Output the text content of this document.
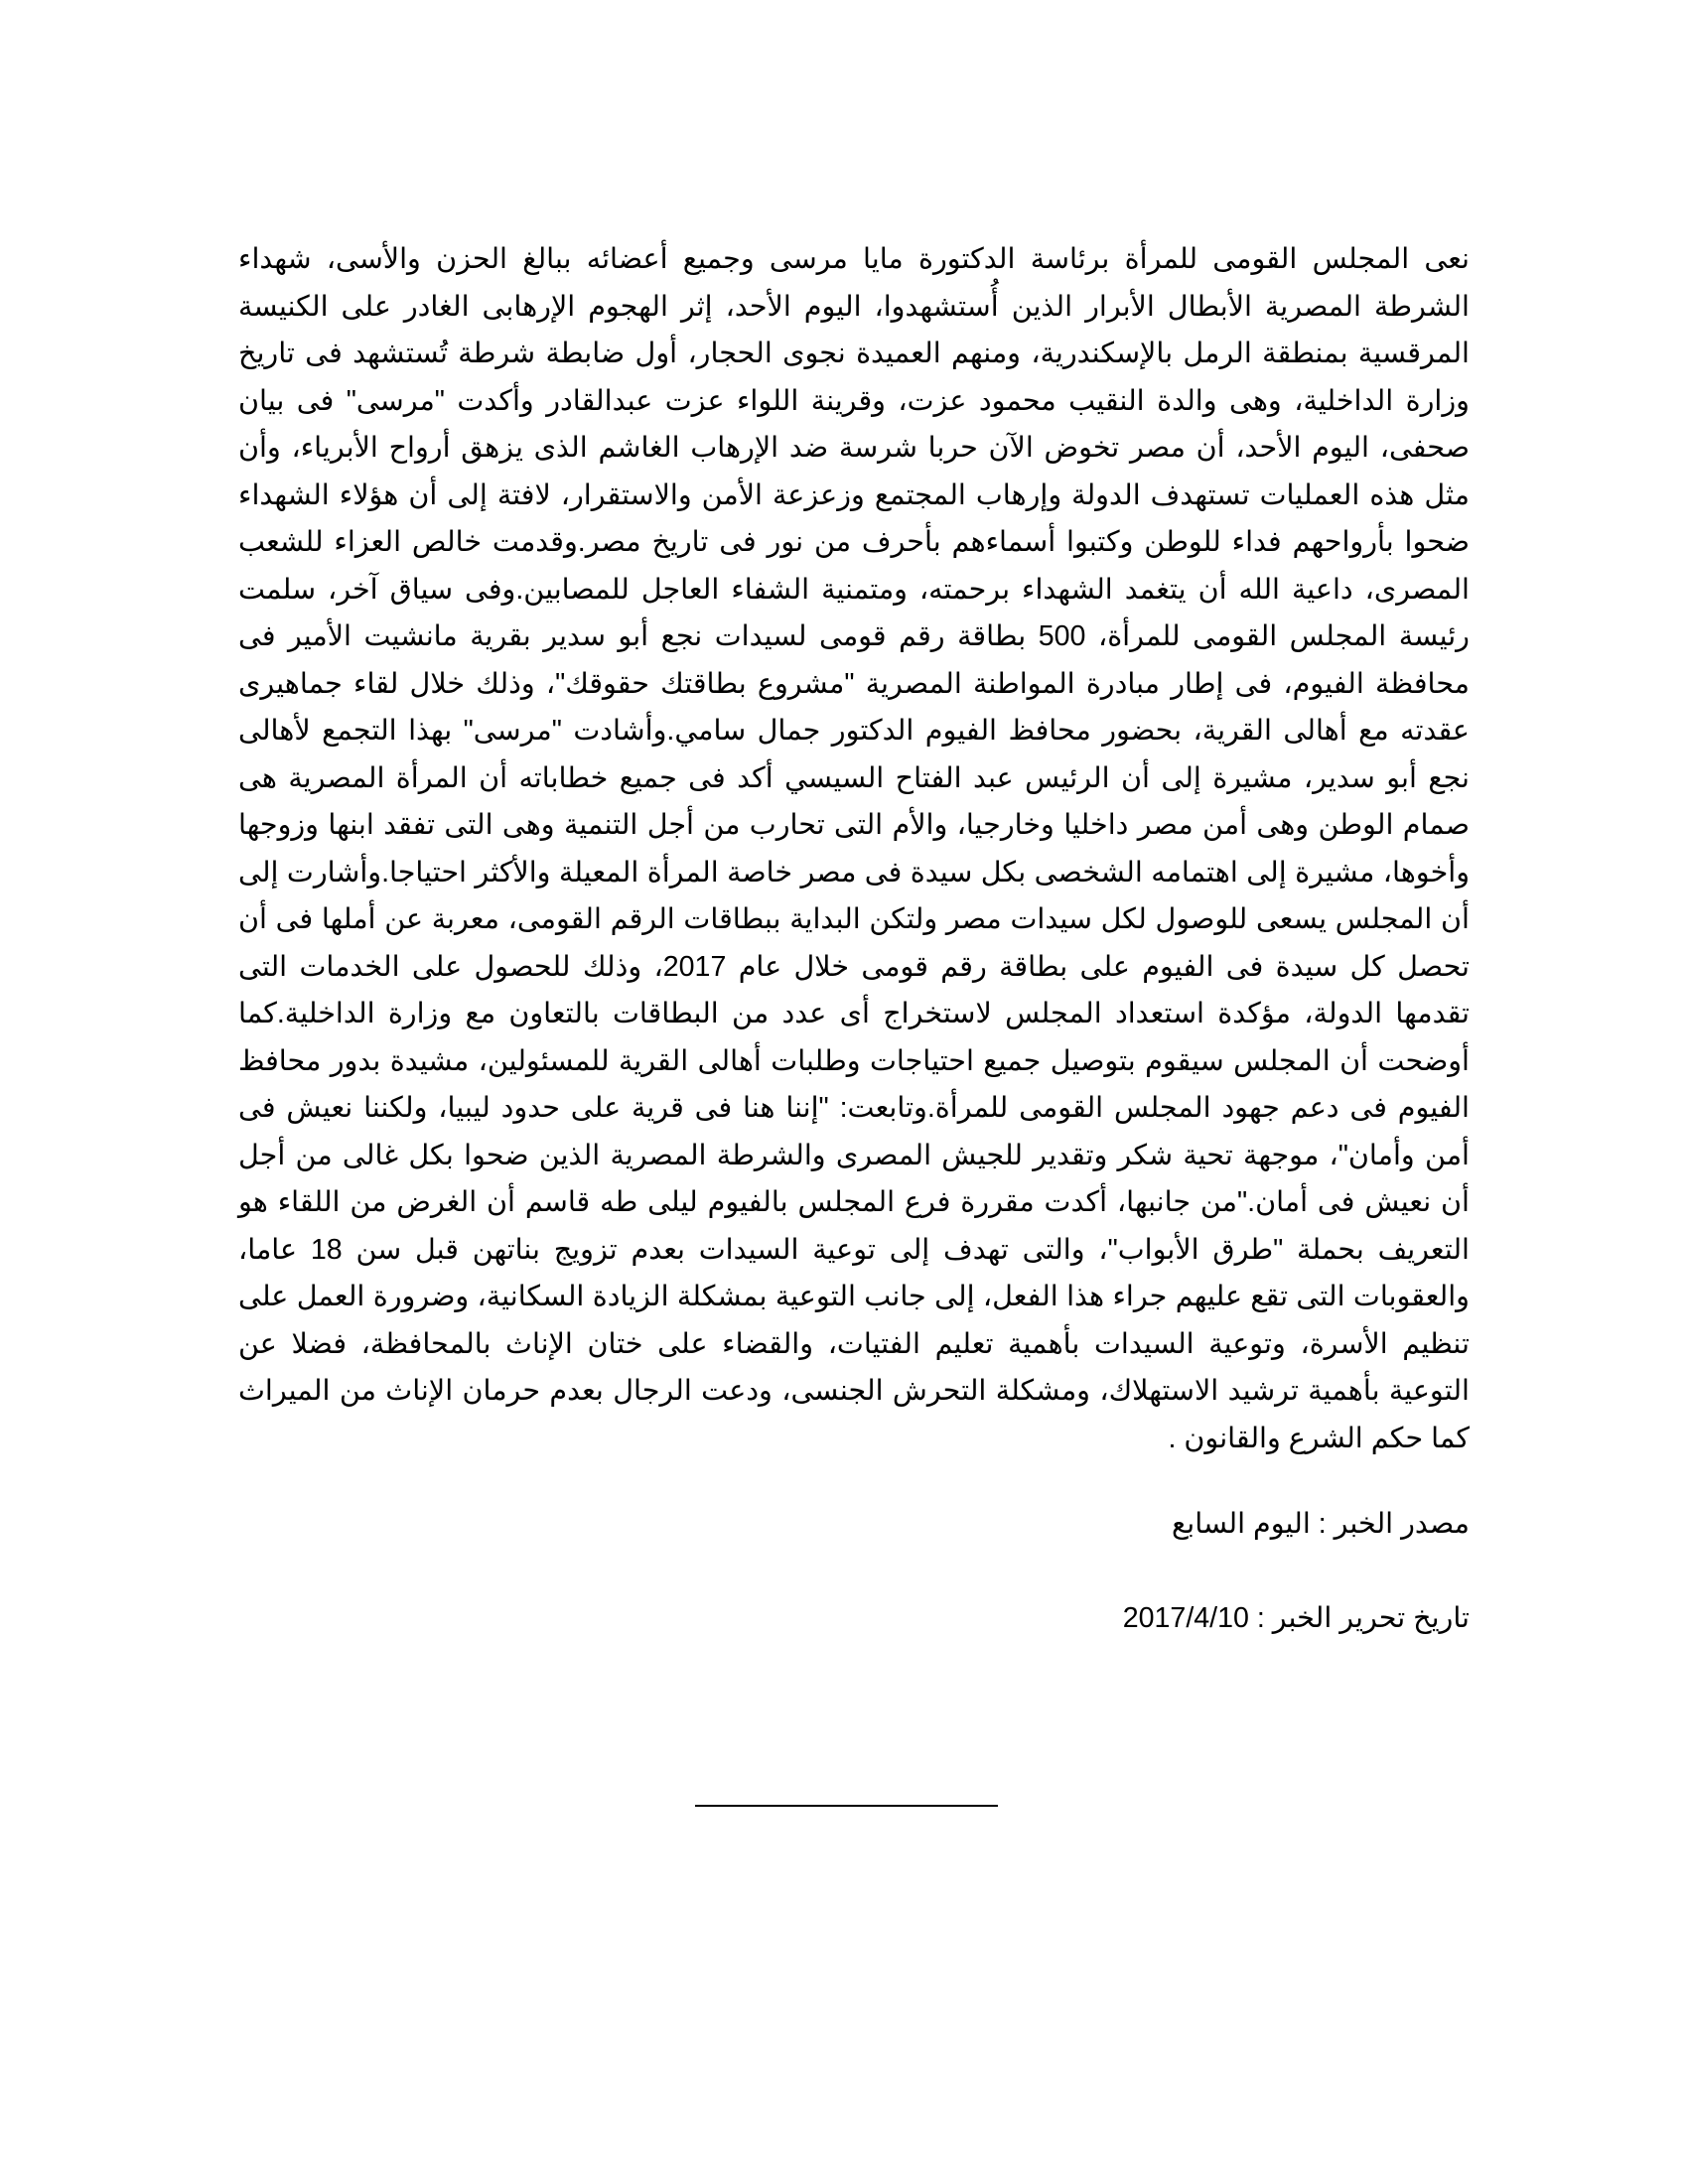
نعى المجلس القومى للمرأة برئاسة الدكتورة مايا مرسى وجميع أعضائه ببالغ الحزن والأسى، شهداء الشرطة المصرية الأبطال الأبرار الذين أُستشهدوا، اليوم الأحد، إثر الهجوم الإرهابى الغادر على الكنيسة المرقسية بمنطقة الرمل بالإسكندرية، ومنهم العميدة نجوى الحجار، أول ضابطة شرطة تُستشهد فى تاريخ وزارة الداخلية، وهى والدة النقيب محمود عزت، وقرينة اللواء عزت عبدالقادر وأكدت "مرسى" فى بيان صحفى، اليوم الأحد، أن مصر تخوض الآن حربا شرسة ضد الإرهاب الغاشم الذى يزهق أرواح الأبرياء، وأن مثل هذه العمليات تستهدف الدولة وإرهاب المجتمع وزعزعة الأمن والاستقرار، لافتة إلى أن هؤلاء الشهداء ضحوا بأرواحهم فداء للوطن وكتبوا أسماءهم بأحرف من نور فى تاريخ مصر.وقدمت خالص العزاء للشعب المصرى، داعية الله أن يتغمد الشهداء برحمته، ومتمنية الشفاء العاجل للمصابين.وفى سياق آخر، سلمت رئيسة المجلس القومى للمرأة، 500 بطاقة رقم قومى لسيدات نجع أبو سدير بقرية مانشيت الأمير فى محافظة الفيوم، فى إطار مبادرة المواطنة المصرية "مشروع بطاقتك حقوقك"، وذلك خلال لقاء جماهيرى عقدته مع أهالى القرية، بحضور محافظ الفيوم الدكتور جمال سامي.وأشادت "مرسى" بهذا التجمع لأهالى نجع أبو سدير، مشيرة إلى أن الرئيس عبد الفتاح السيسي أكد فى جميع خطاباته أن المرأة المصرية هى صمام الوطن وهى أمن مصر داخليا وخارجيا، والأم التى تحارب من أجل التنمية وهى التى تفقد ابنها وزوجها وأخوها، مشيرة إلى اهتمامه الشخصى بكل سيدة فى مصر خاصة المرأة المعيلة والأكثر احتياجا.وأشارت إلى أن المجلس يسعى للوصول لكل سيدات مصر ولتكن البداية ببطاقات الرقم القومى، معربة عن أملها فى أن تحصل كل سيدة فى الفيوم على بطاقة رقم قومى خلال عام 2017، وذلك للحصول على الخدمات التى تقدمها الدولة، مؤكدة استعداد المجلس لاستخراج أى عدد من البطاقات بالتعاون مع وزارة الداخلية.كما أوضحت أن المجلس سيقوم بتوصيل جميع احتياجات وطلبات أهالى القرية للمسئولين، مشيدة بدور محافظ الفيوم فى دعم جهود المجلس القومى للمرأة.وتابعت: "إننا هنا فى قرية على حدود ليبيا، ولكننا نعيش فى أمن وأمان"، موجهة تحية شكر وتقدير للجيش المصرى والشرطة المصرية الذين ضحوا بكل غالى من أجل أن نعيش فى أمان."من جانبها، أكدت مقررة فرع المجلس بالفيوم ليلى طه قاسم أن الغرض من اللقاء هو التعريف بحملة "طرق الأبواب"، والتى تهدف إلى توعية السيدات بعدم تزويج بناتهن قبل سن 18 عاما، والعقوبات التى تقع عليهم جراء هذا الفعل، إلى جانب التوعية بمشكلة الزيادة السكانية، وضرورة العمل على تنظيم الأسرة، وتوعية السيدات بأهمية تعليم الفتيات، والقضاء على ختان الإناث بالمحافظة، فضلا عن التوعية بأهمية ترشيد الاستهلاك، ومشكلة التحرش الجنسى، ودعت الرجال بعدم حرمان الإناث من الميراث كما حكم الشرع والقانون .

مصدر الخبر : اليوم السابع

تاريخ تحرير الخبر : 2017/4/10
